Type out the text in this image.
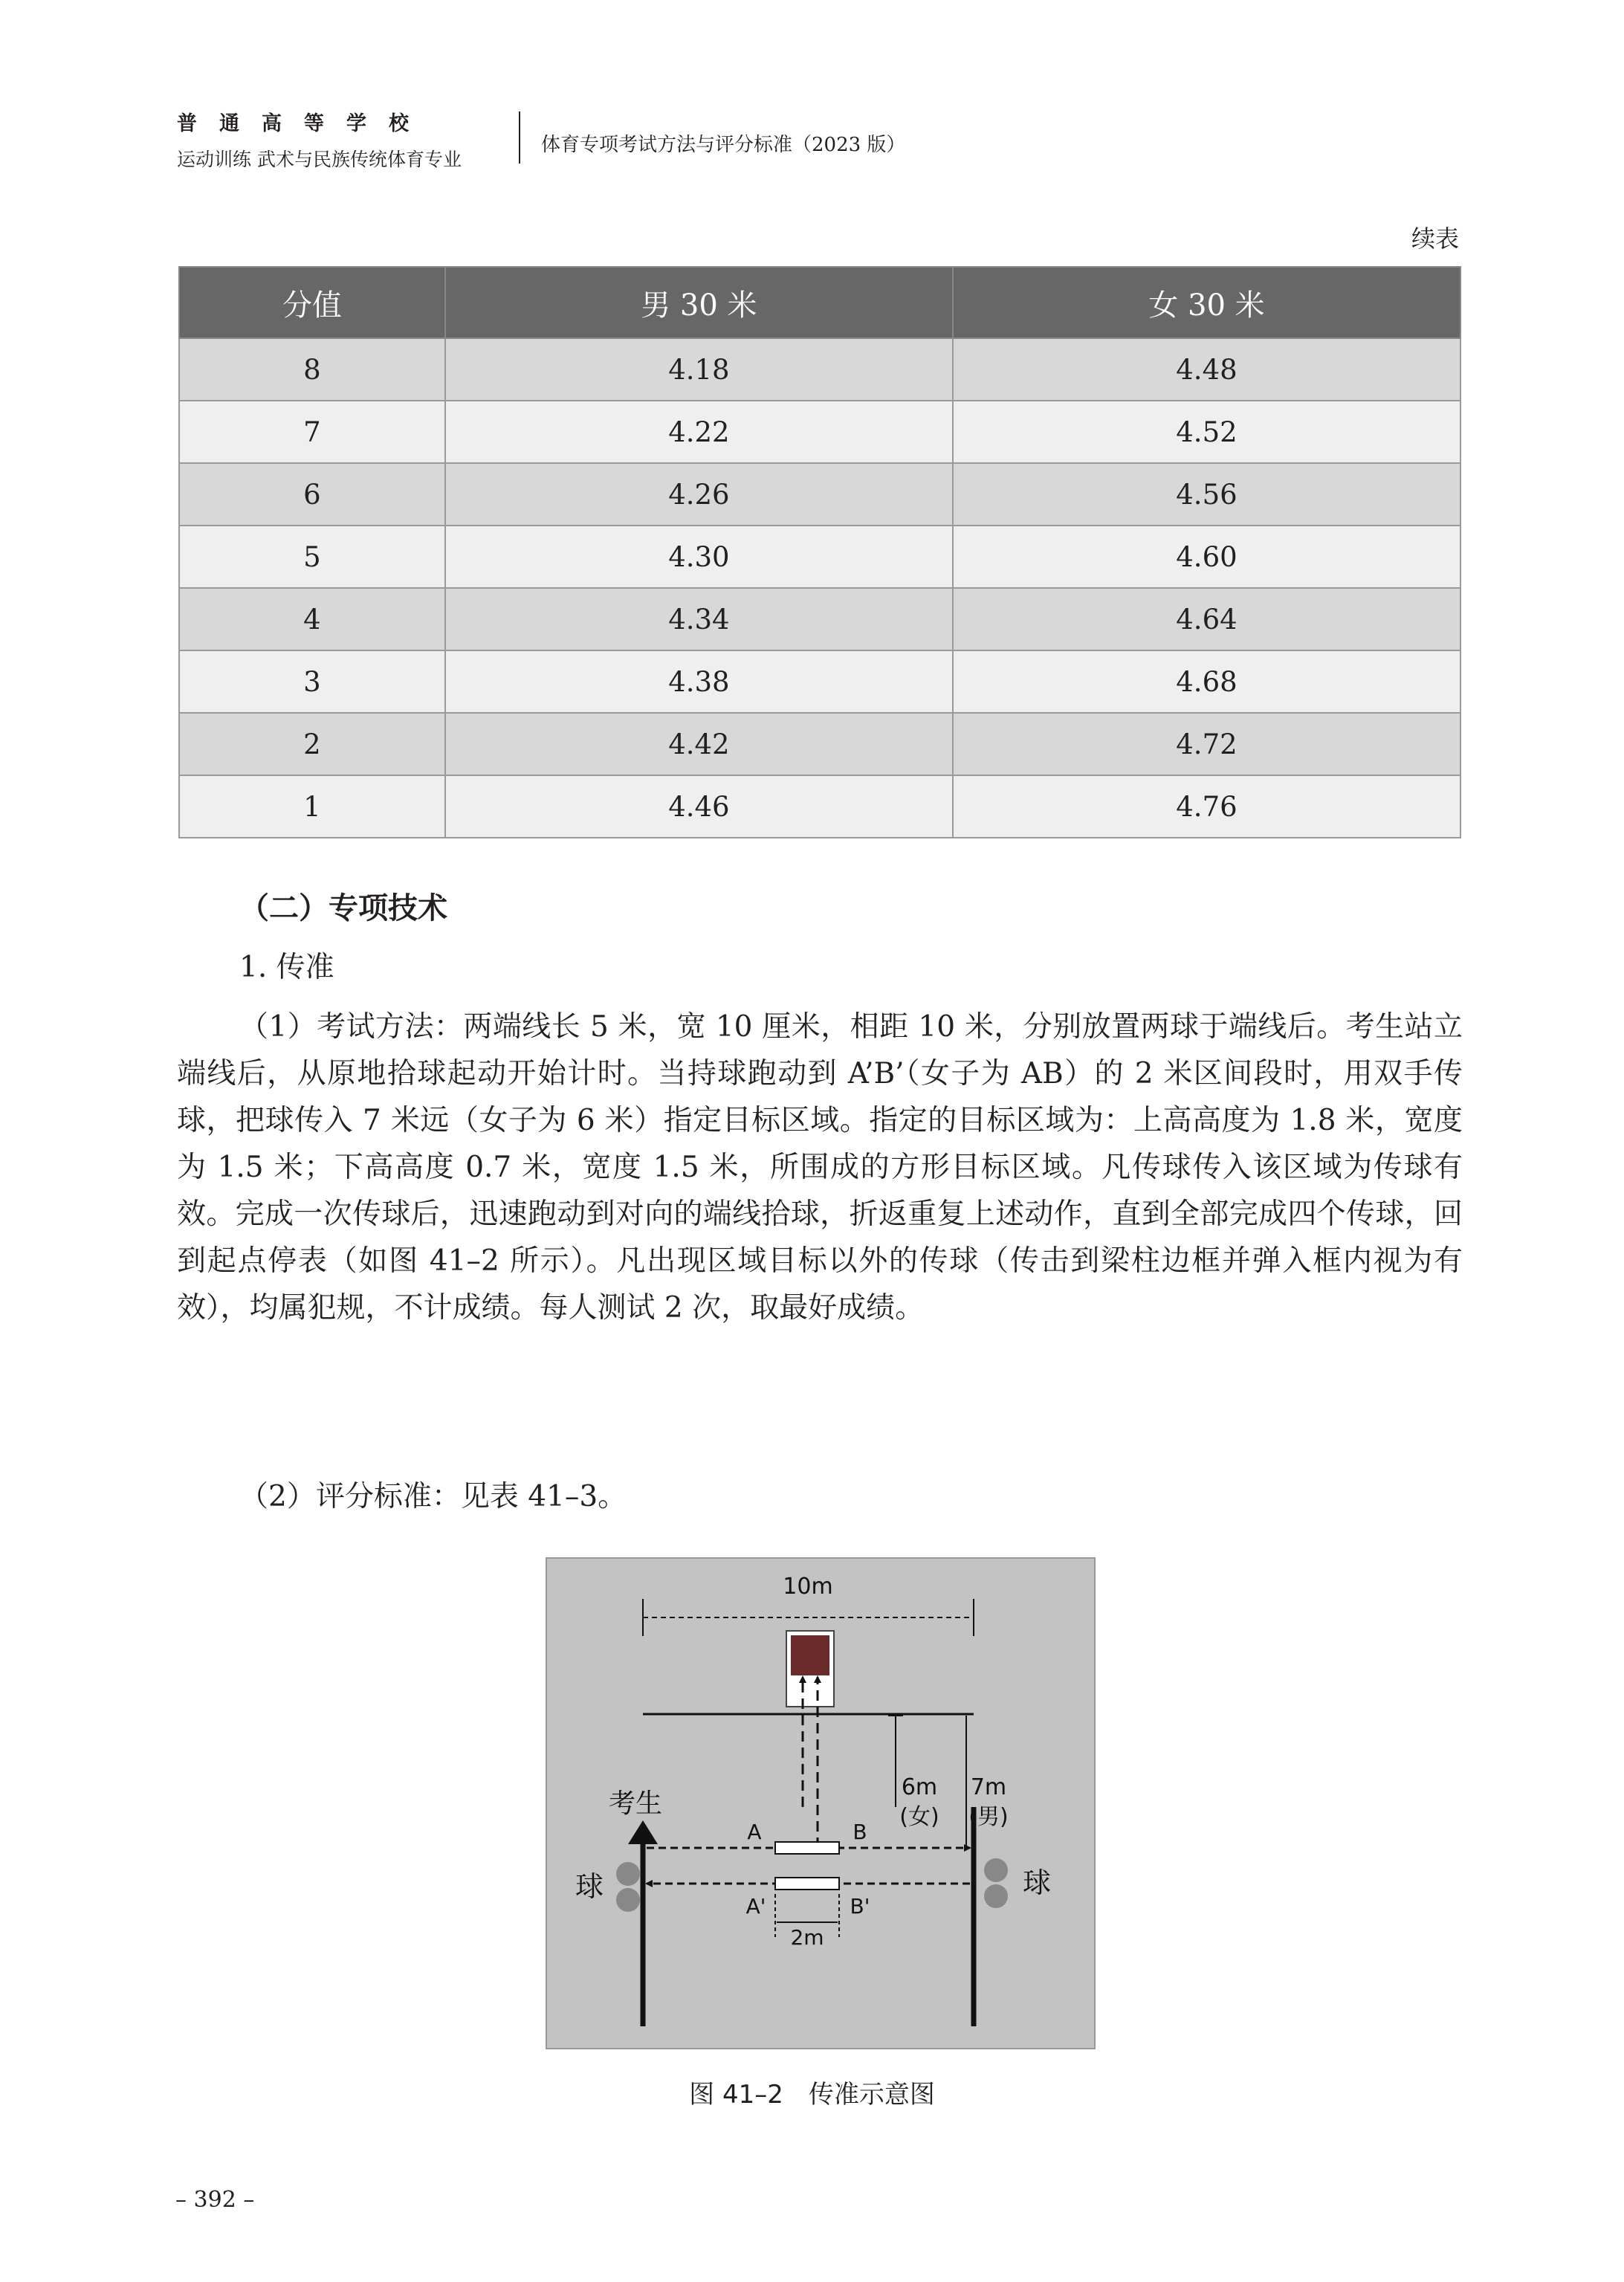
普通高等学校
运动训练 武术与民族传统体育专业
体育专项考试方法与评分标准（2023 版）
续表
分值	男 30 米	女 30 米
8	4.18	4.48
7	4.22	4.52
6	4.26	4.56
5	4.30	4.60
4	4.34	4.64
3	4.38	4.68
2	4.42	4.72
1	4.46	4.76
（二）专项技术
1. 传准
（1）考试方法：两端线长 5 米，宽 10 厘米，相距 10 米，分别放置两球于端线后。考生站立端线后，从原地拾球起动开始计时。当持球跑动到 A’B’（女子为 AB）的 2 米区间段时，用双手传球，把球传入 7 米远（女子为 6 米）指定目标区域。指定的目标区域为：上高高度为 1.8 米，宽度为 1.5 米；下高高度 0.7 米，宽度 1.5 米，所围成的方形目标区域。凡传球传入该区域为传球有效。完成一次传球后，迅速跑动到对向的端线拾球，折返重复上述动作，直到全部完成四个传球，回到起点停表（如图 41–2 所示）。凡出现区域目标以外的传球（传击到梁柱边框并弹入框内视为有效），均属犯规，不计成绩。每人测试 2 次，取最好成绩。
（2）评分标准：见表 41–3。
10m
6m
(女)
7m
(男)
考生
球	球
A	B
A'	B'
2m
图 41–2　传准示意图
– 392 –
